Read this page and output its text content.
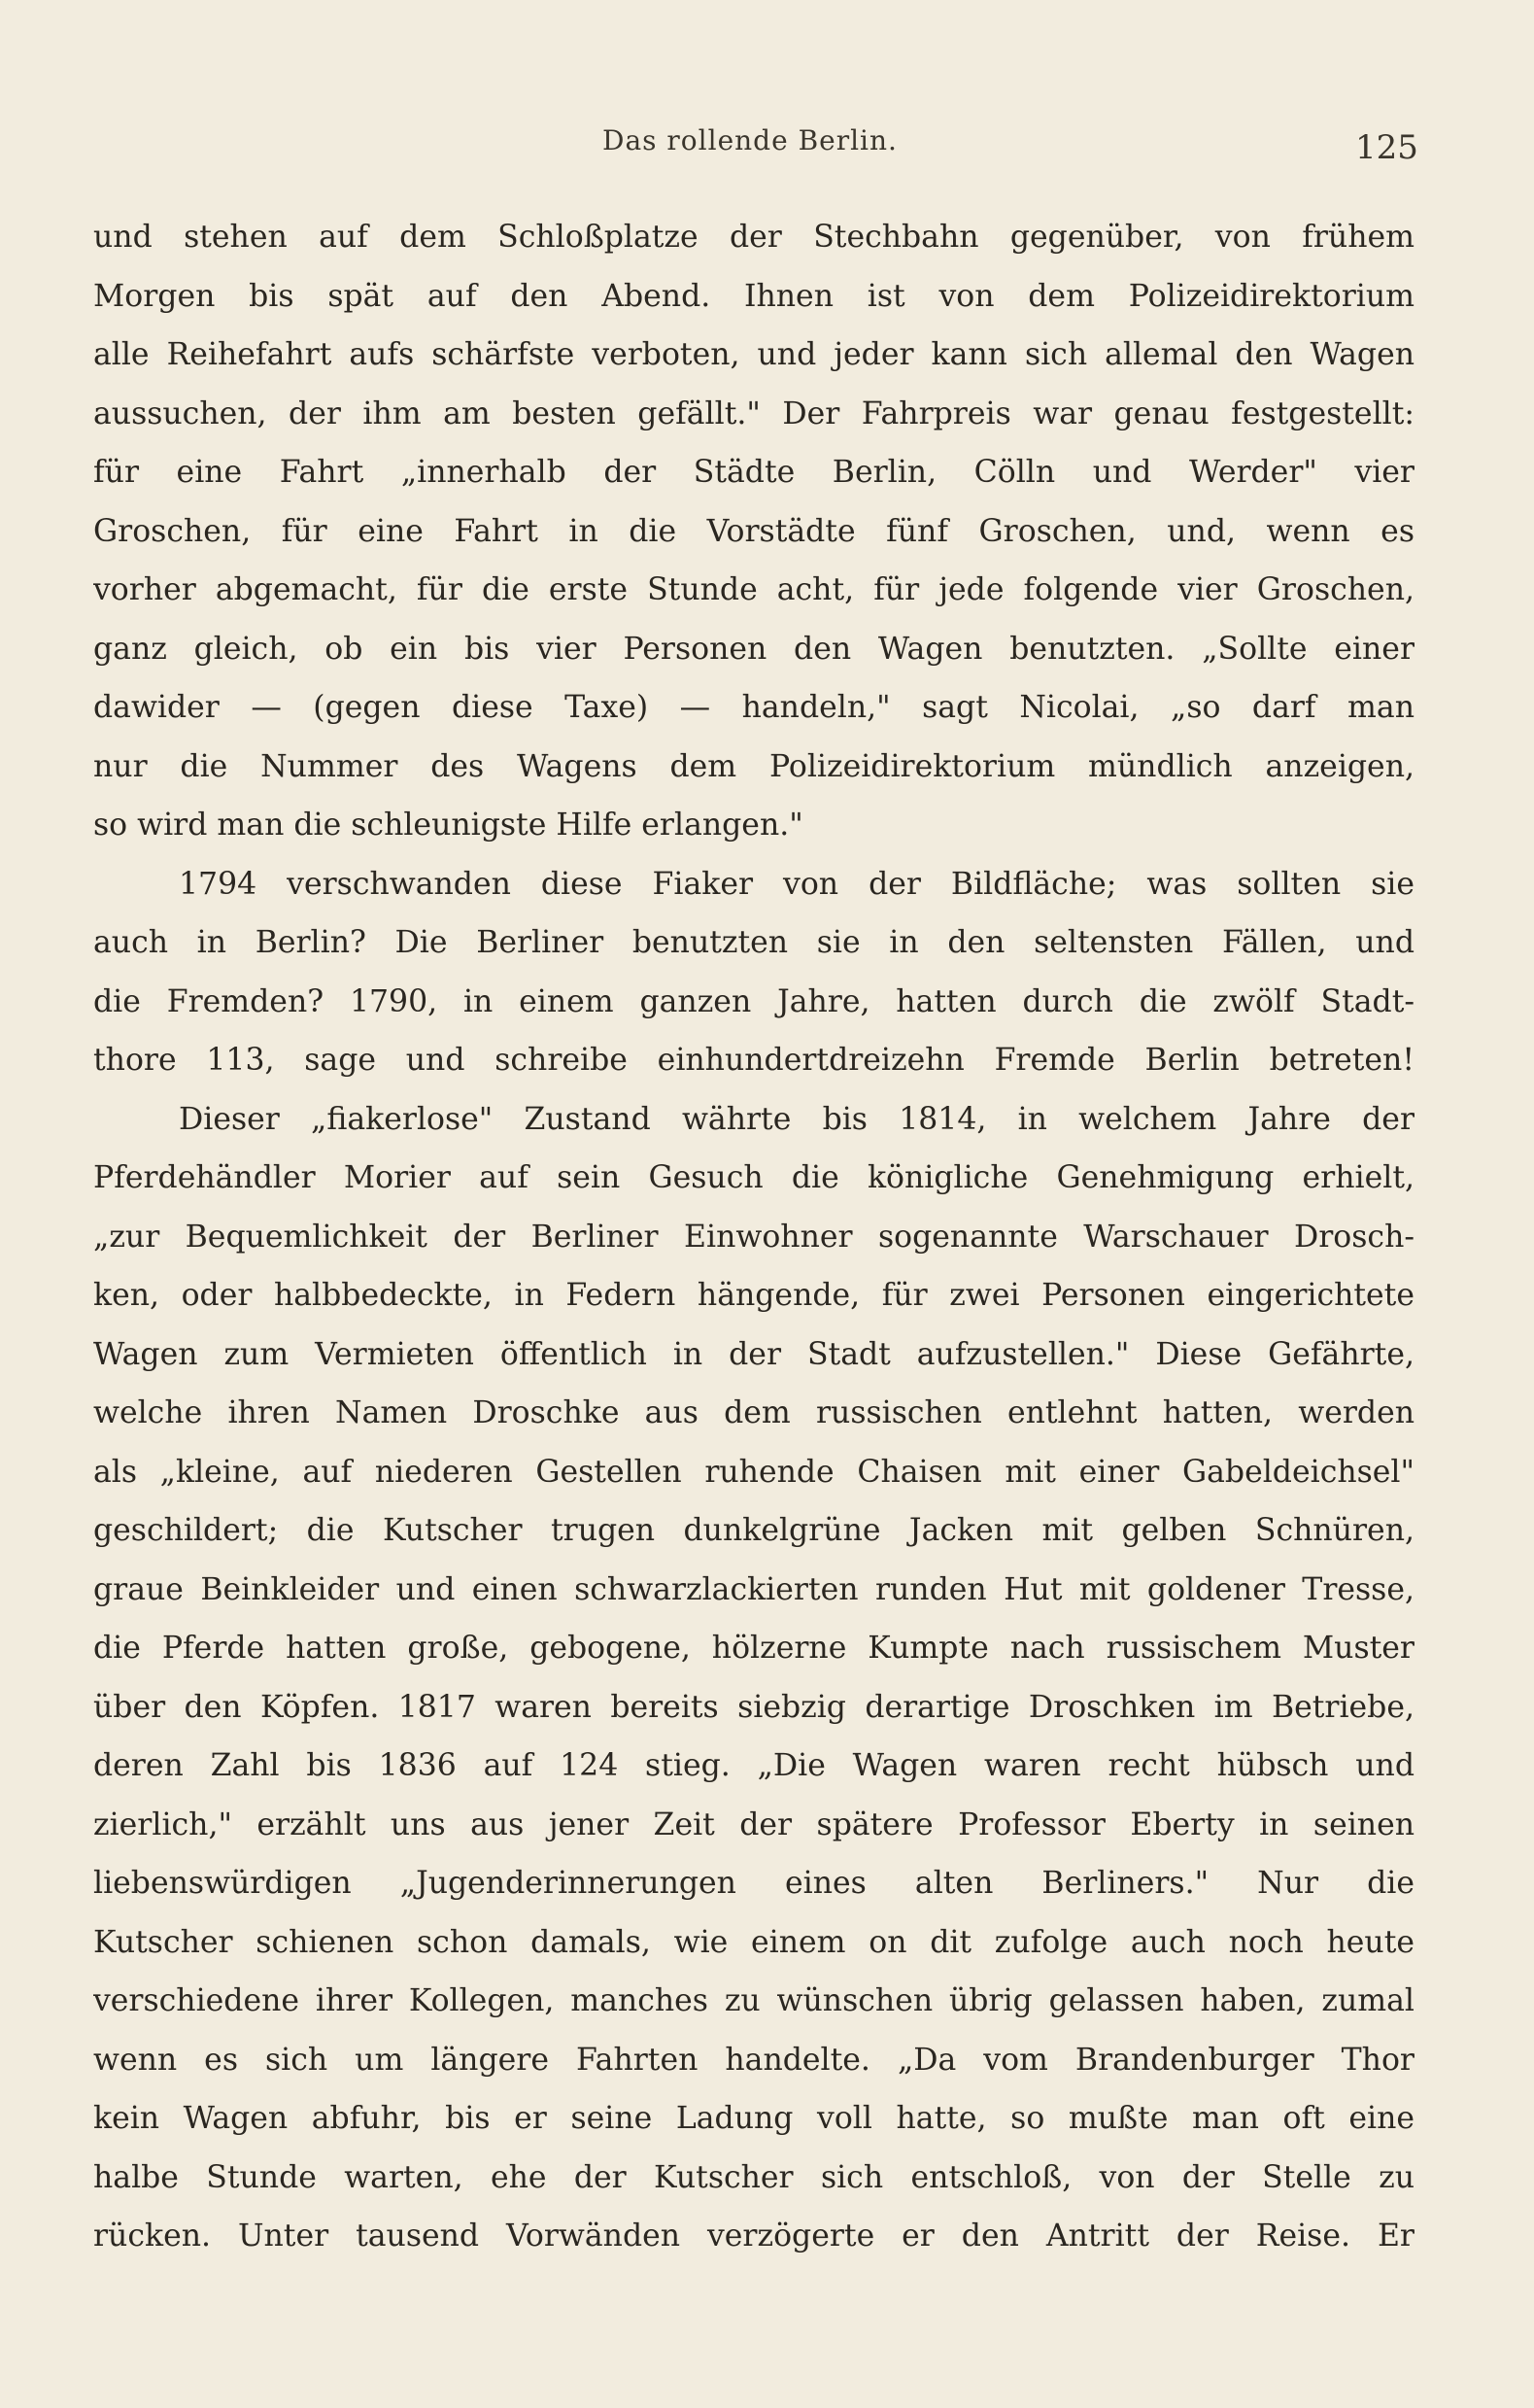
Das rollende Berlin.	125
und stehen auf dem Schloßplatze der Stechbahn gegenüber, von frühem
Morgen bis spät auf den Abend. Ihnen ist von dem Polizeidirektorium
alle Reihefahrt aufs schärfste verboten, und jeder kann sich allemal den Wagen
aussuchen, der ihm am besten gefällt." Der Fahrpreis war genau festgestellt:
für eine Fahrt „innerhalb der Städte Berlin, Cölln und Werder" vier
Groschen, für eine Fahrt in die Vorstädte fünf Groschen, und, wenn es
vorher abgemacht, für die erste Stunde acht, für jede folgende vier Groschen,
ganz gleich, ob ein bis vier Personen den Wagen benutzten. „Sollte einer
dawider — (gegen diese Taxe) — handeln," sagt Nicolai, „so darf man
nur die Nummer des Wagens dem Polizeidirektorium mündlich anzeigen,
so wird man die schleunigste Hilfe erlangen."
1794 verschwanden diese Fiaker von der Bildfläche; was sollten sie
auch in Berlin? Die Berliner benutzten sie in den seltensten Fällen, und
die Fremden? 1790, in einem ganzen Jahre, hatten durch die zwölf Stadt-
thore 113, sage und schreibe einhundertdreizehn Fremde Berlin betreten!
Dieser „fiakerlose" Zustand währte bis 1814, in welchem Jahre der
Pferdehändler Morier auf sein Gesuch die königliche Genehmigung erhielt,
„zur Bequemlichkeit der Berliner Einwohner sogenannte Warschauer Drosch-
ken, oder halbbedeckte, in Federn hängende, für zwei Personen eingerichtete
Wagen zum Vermieten öffentlich in der Stadt aufzustellen." Diese Gefährte,
welche ihren Namen Droschke aus dem russischen entlehnt hatten, werden
als „kleine, auf niederen Gestellen ruhende Chaisen mit einer Gabeldeichsel"
geschildert; die Kutscher trugen dunkelgrüne Jacken mit gelben Schnüren,
graue Beinkleider und einen schwarzlackierten runden Hut mit goldener Tresse,
die Pferde hatten große, gebogene, hölzerne Kumpte nach russischem Muster
über den Köpfen. 1817 waren bereits siebzig derartige Droschken im Betriebe,
deren Zahl bis 1836 auf 124 stieg. „Die Wagen waren recht hübsch und
zierlich," erzählt uns aus jener Zeit der spätere Professor Eberty in seinen
liebenswürdigen „Jugenderinnerungen eines alten Berliners." Nur die
Kutscher schienen schon damals, wie einem on dit zufolge auch noch heute
verschiedene ihrer Kollegen, manches zu wünschen übrig gelassen haben, zumal
wenn es sich um längere Fahrten handelte. „Da vom Brandenburger Thor
kein Wagen abfuhr, bis er seine Ladung voll hatte, so mußte man oft eine
halbe Stunde warten, ehe der Kutscher sich entschloß, von der Stelle zu
rücken. Unter tausend Vorwänden verzögerte er den Antritt der Reise. Er
